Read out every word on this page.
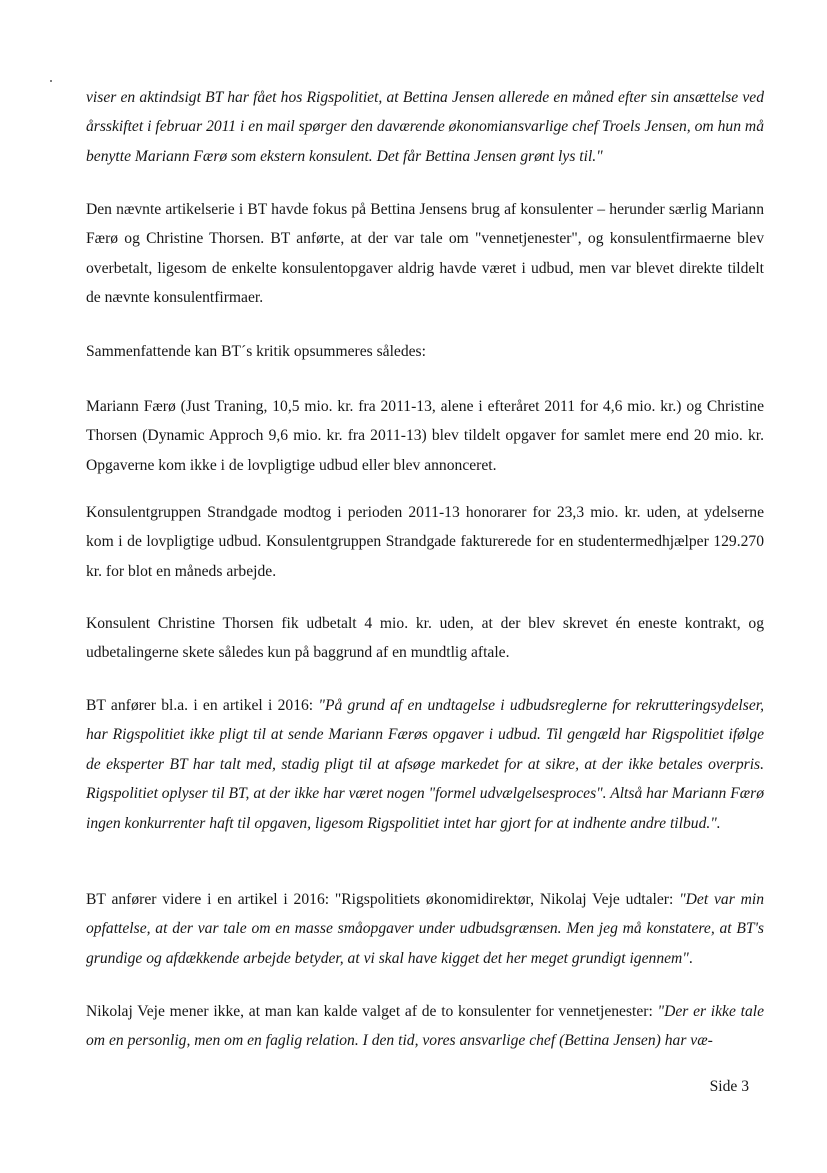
viser en aktindsigt BT har fået hos Rigspolitiet, at Bettina Jensen allerede en måned efter sin ansættelse ved årsskiftet i februar 2011 i en mail spørger den daværende økonomiansvarlige chef Troels Jensen, om hun må benytte Mariann Færø som ekstern konsulent. Det får Bettina Jensen grønt lys til."

Den nævnte artikelserie i BT havde fokus på Bettina Jensens brug af konsulenter – herunder særlig Mariann Færø og Christine Thorsen. BT anførte, at der var tale om "vennetjenester", og konsulentfirmaerne blev overbetalt, ligesom de enkelte konsulentopgaver aldrig havde været i udbud, men var blevet direkte tildelt de nævnte konsulentfirmaer.

Sammenfattende kan BT´s kritik opsummeres således:

Mariann Færø (Just Traning, 10,5 mio. kr. fra 2011-13, alene i efteråret 2011 for 4,6 mio. kr.) og Christine Thorsen (Dynamic Approch 9,6 mio. kr. fra 2011-13) blev tildelt opgaver for samlet mere end 20 mio. kr. Opgaverne kom ikke i de lovpligtige udbud eller blev annonceret.

Konsulentgruppen Strandgade modtog i perioden 2011-13 honorarer for 23,3 mio. kr. uden, at ydelserne kom i de lovpligtige udbud. Konsulentgruppen Strandgade fakturerede for en studentermedhjælper 129.270 kr. for blot en måneds arbejde.

Konsulent Christine Thorsen fik udbetalt 4 mio. kr. uden, at der blev skrevet én eneste kontrakt, og udbetalingerne skete således kun på baggrund af en mundtlig aftale.

BT anfører bl.a. i en artikel i 2016: "På grund af en undtagelse i udbudsreglerne for rekrutteringsydelser, har Rigspolitiet ikke pligt til at sende Mariann Færøs opgaver i udbud. Til gengæld har Rigspolitiet ifølge de eksperter BT har talt med, stadig pligt til at afsøge markedet for at sikre, at der ikke betales overpris. Rigspolitiet oplyser til BT, at der ikke har været nogen "formel udvælgelsesproces". Altså har Mariann Færø ingen konkurrenter haft til opgaven, ligesom Rigspolitiet intet har gjort for at indhente andre tilbud.".

BT anfører videre i en artikel i 2016: "Rigspolitiets økonomidirektør, Nikolaj Veje udtaler: "Det var min opfattelse, at der var tale om en masse småopgaver under udbudsgrænsen. Men jeg må konstatere, at BT's grundige og afdækkende arbejde betyder, at vi skal have kigget det her meget grundigt igennem".

Nikolaj Veje mener ikke, at man kan kalde valget af de to konsulenter for vennetjenester: "Der er ikke tale om en personlig, men om en faglig relation. I den tid, vores ansvarlige chef (Bettina Jensen) har væ-

Side 3
